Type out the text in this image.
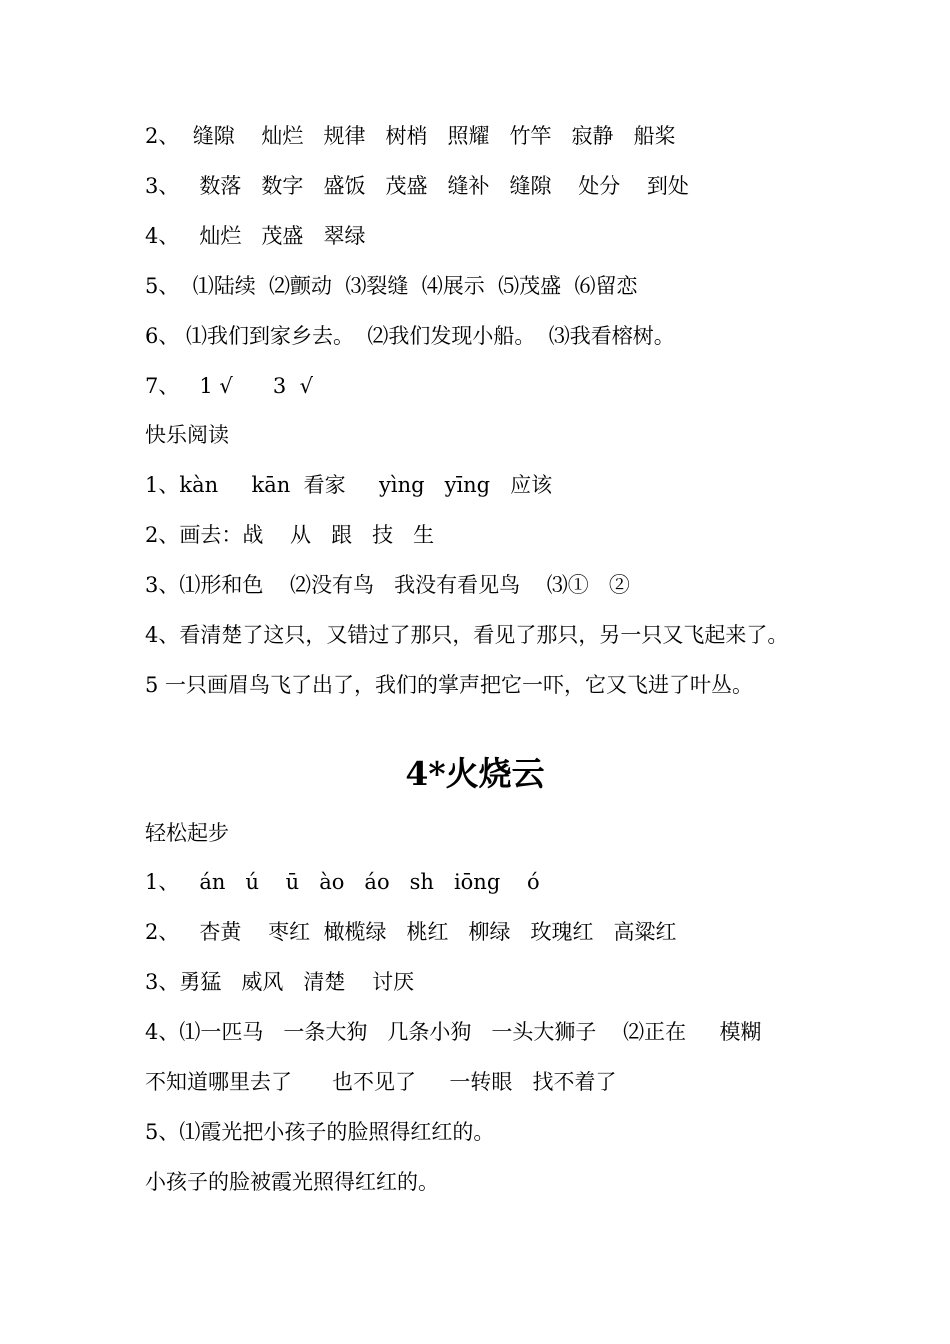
2、  缝隙    灿烂   规律   树梢   照耀   竹竿   寂静   船桨

3、   数落   数字   盛饭   茂盛   缝补   缝隙    处分    到处

4、   灿烂   茂盛   翠绿

5、  ⑴陆续  ⑵颤动  ⑶裂缝  ⑷展示  ⑸茂盛  ⑹留恋

6、 ⑴我们到家乡去。  ⑵我们发现小船。  ⑶我看榕树。

7、   1 √      3  √

快乐阅读

1、kàn     kān  看家     yìng   yīng   应该

2、画去：战    从   跟   技   生

3、⑴形和色    ⑵没有鸟   我没有看见鸟    ⑶①   ②

4、看清楚了这只，又错过了那只，看见了那只，另一只又飞起来了。

5 一只画眉鸟飞了出了，我们的掌声把它一吓，它又飞进了叶丛。

4*火烧云

轻松起步

1、   án   ú    ū   ào   áo   sh   iōng    ó

2、   杏黄    枣红  橄榄绿   桃红   柳绿   玫瑰红   高粱红

3、勇猛   威风   清楚    讨厌

4、⑴一匹马   一条大狗   几条小狗   一头大狮子    ⑵正在     模糊

不知道哪里去了      也不见了     一转眼   找不着了

5、⑴霞光把小孩子的脸照得红红的。

小孩子的脸被霞光照得红红的。
